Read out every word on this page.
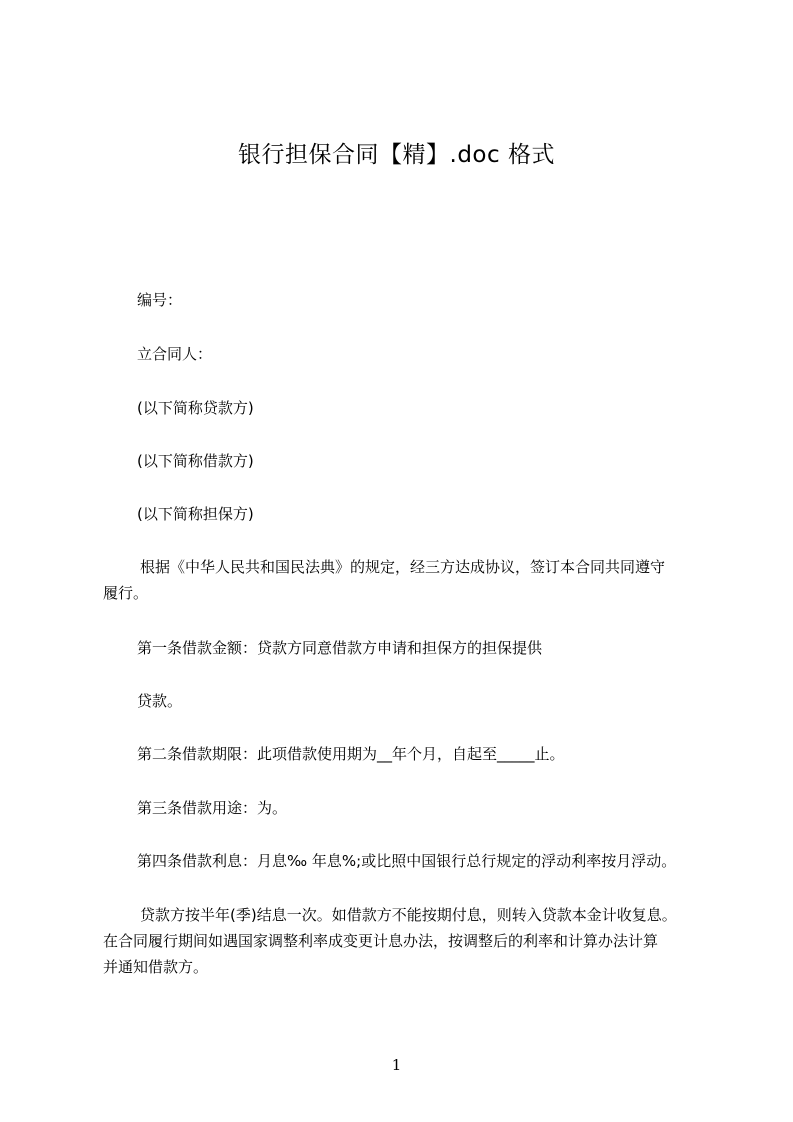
银行担保合同【精】.doc 格式
编号：
立合同人：
(以下简称贷款方)
(以下简称借款方)
(以下简称担保方)
根据《中华人民共和国民法典》的规定，经三方达成协议，签订本合同共同遵守
履行。
第一条借款金额：贷款方同意借款方申请和担保方的担保提供
贷款。
第二条借款期限：此项借款使用期为__年个月，自起至_____止。
第三条借款用途：为。
第四条借款利息：月息‰ 年息%;或比照中国银行总行规定的浮动利率按月浮动。
贷款方按半年(季)结息一次。如借款方不能按期付息，则转入贷款本金计收复息。
在合同履行期间如遇国家调整利率成变更计息办法，按调整后的利率和计算办法计算
并通知借款方。
1
